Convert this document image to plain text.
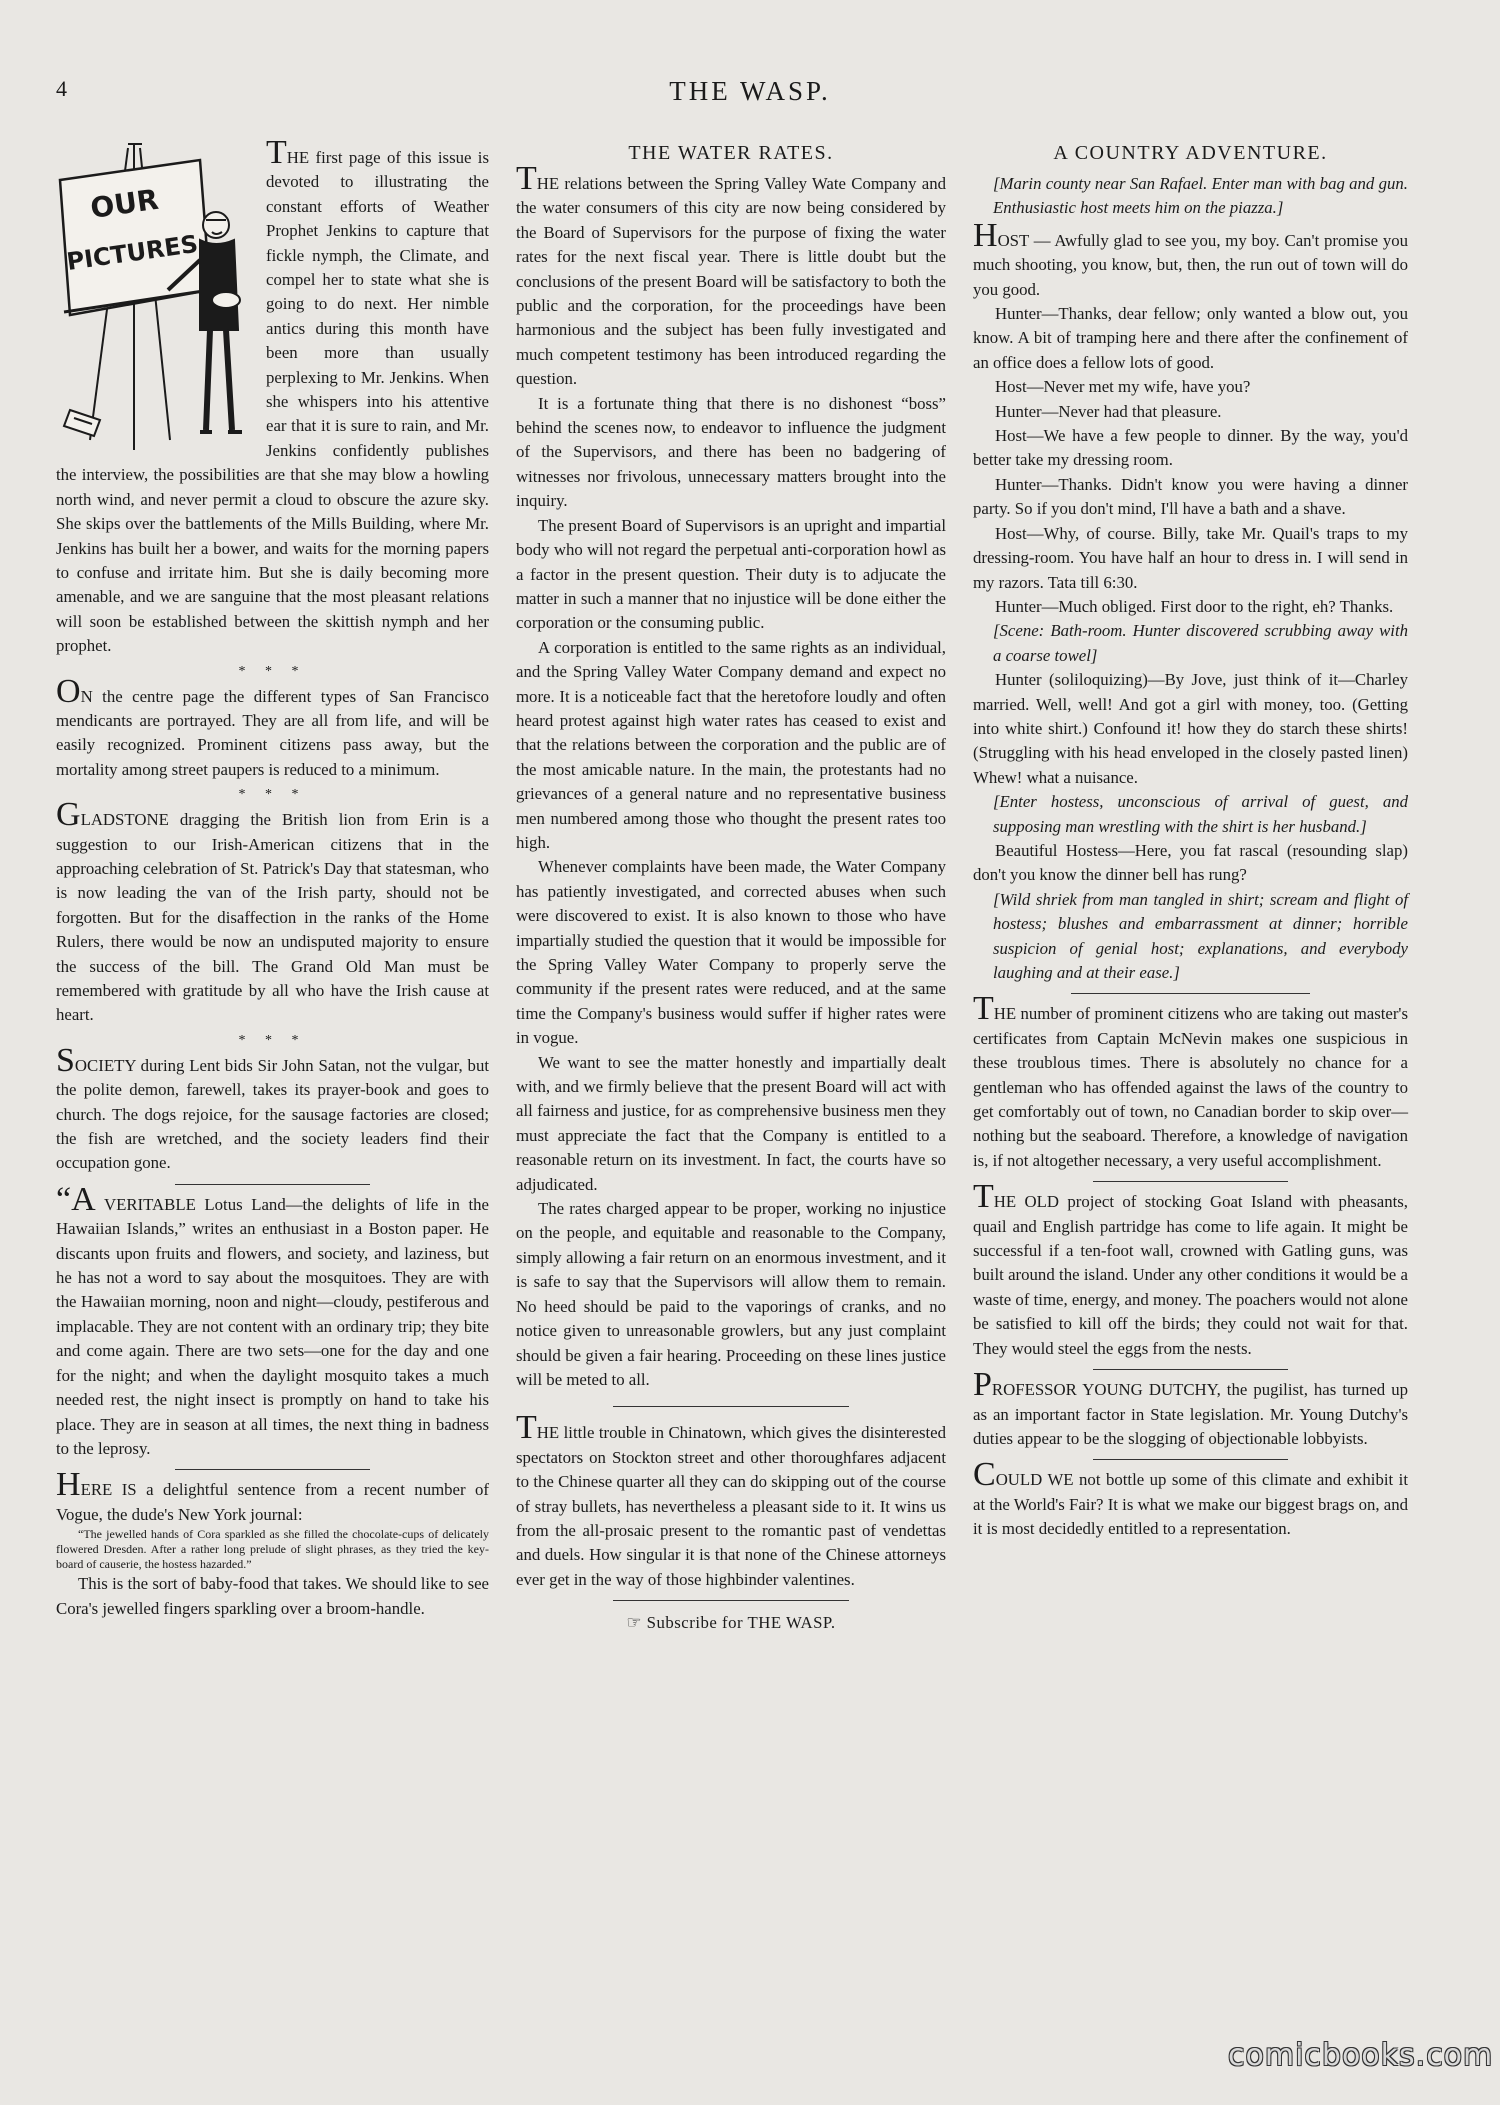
4	THE WASP.
OUR
PICTURES

THE first page of this issue is devoted to illustrating the constant efforts of Weather Prophet Jenkins to capture that fickle nymph, the Climate, and compel her to state what she is going to do next. Her nimble antics during this month have been more than usually perplexing to Mr. Jenkins. When she whispers into his attentive ear that it is sure to rain, and Mr. Jenkins confidently publishes the interview, the possibilities are that she may blow a howling north wind, and never permit a cloud to obscure the azure sky. She skips over the battlements of the Mills Building, where Mr. Jenkins has built her a bower, and waits for the morning papers to confuse and irritate him. But she is daily becoming more amenable, and we are sanguine that the most pleasant relations will soon be established between the skittish nymph and her prophet.

* * *

ON the centre page the different types of San Francisco mendicants are portrayed. They are all from life, and will be easily recognized. Prominent citizens pass away, but the mortality among street paupers is reduced to a minimum.

* * *

GLADSTONE dragging the British lion from Erin is a suggestion to our Irish-American citizens that in the approaching celebration of St. Patrick's Day that statesman, who is now leading the van of the Irish party, should not be forgotten. But for the disaffection in the ranks of the Home Rulers, there would be now an undisputed majority to ensure the success of the bill. The Grand Old Man must be remembered with gratitude by all who have the Irish cause at heart.

* * *

SOCIETY during Lent bids Sir John Satan, not the vulgar, but the polite demon, farewell, takes its prayer-book and goes to church. The dogs rejoice, for the sausage factories are closed; the fish are wretched, and the society leaders find their occupation gone.

“A VERITABLE Lotus Land—the delights of life in the Hawaiian Islands,” writes an enthusiast in a Boston paper. He discants upon fruits and flowers, and society, and laziness, but he has not a word to say about the mosquitoes. They are with the Hawaiian morning, noon and night—cloudy, pestiferous and implacable. They are not content with an ordinary trip; they bite and come again. There are two sets—one for the day and one for the night; and when the daylight mosquito takes a much needed rest, the night insect is promptly on hand to take his place. They are in season at all times, the next thing in badness to the leprosy.

HERE IS a delightful sentence from a recent number of Vogue, the dude's New York journal:

“The jewelled hands of Cora sparkled as she filled the chocolate-cups of delicately flowered Dresden. After a rather long prelude of slight phrases, as they tried the key-board of causerie, the hostess hazarded.”

This is the sort of baby-food that takes. We should like to see Cora's jewelled fingers sparkling over a broom-handle.

THE WATER RATES.

THE relations between the Spring Valley Wate Company and the water consumers of this city are now being considered by the Board of Supervisors for the purpose of fixing the water rates for the next fiscal year. There is little doubt but the conclusions of the present Board will be satisfactory to both the public and the corporation, for the proceedings have been harmonious and the subject has been fully investigated and much competent testimony has been introduced regarding the question.

It is a fortunate thing that there is no dishonest “boss” behind the scenes now, to endeavor to influence the judgment of the Supervisors, and there has been no badgering of witnesses nor frivolous, unnecessary matters brought into the inquiry.

The present Board of Supervisors is an upright and impartial body who will not regard the perpetual anti-corporation howl as a factor in the present question. Their duty is to adjucate the matter in such a manner that no injustice will be done either the corporation or the consuming public.

A corporation is entitled to the same rights as an individual, and the Spring Valley Water Company demand and expect no more. It is a noticeable fact that the heretofore loudly and often heard protest against high water rates has ceased to exist and that the relations between the corporation and the public are of the most amicable nature. In the main, the protestants had no grievances of a general nature and no representative business men numbered among those who thought the present rates too high.

Whenever complaints have been made, the Water Company has patiently investigated, and corrected abuses when such were discovered to exist. It is also known to those who have impartially studied the question that it would be impossible for the Spring Valley Water Company to properly serve the community if the present rates were reduced, and at the same time the Company's business would suffer if higher rates were in vogue.

We want to see the matter honestly and impartially dealt with, and we firmly believe that the present Board will act with all fairness and justice, for as comprehensive business men they must appreciate the fact that the Company is entitled to a reasonable return on its investment. In fact, the courts have so adjudicated.

The rates charged appear to be proper, working no injustice on the people, and equitable and reasonable to the Company, simply allowing a fair return on an enormous investment, and it is safe to say that the Supervisors will allow them to remain. No heed should be paid to the vaporings of cranks, and no notice given to unreasonable growlers, but any just complaint should be given a fair hearing. Proceeding on these lines justice will be meted to all.

THE little trouble in Chinatown, which gives the disinterested spectators on Stockton street and other thoroughfares adjacent to the Chinese quarter all they can do skipping out of the course of stray bullets, has nevertheless a pleasant side to it. It wins us from the all-prosaic present to the romantic past of vendettas and duels. How singular it is that none of the Chinese attorneys ever get in the way of those highbinder valentines.

☞ Subscribe for THE WASP.
A COUNTRY ADVENTURE.

[Marin county near San Rafael. Enter man with bag and gun. Enthusiastic host meets him on the piazza.]

HOST — Awfully glad to see you, my boy. Can't promise you much shooting, you know, but, then, the run out of town will do you good.

Hunter—Thanks, dear fellow; only wanted a blow out, you know. A bit of tramping here and there after the confinement of an office does a fellow lots of good.

Host—Never met my wife, have you?

Hunter—Never had that pleasure.

Host—We have a few people to dinner. By the way, you'd better take my dressing room.

Hunter—Thanks. Didn't know you were having a dinner party. So if you don't mind, I'll have a bath and a shave.

Host—Why, of course. Billy, take Mr. Quail's traps to my dressing-room. You have half an hour to dress in. I will send in my razors. Tata till 6:30.

Hunter—Much obliged. First door to the right, eh? Thanks.

[Scene: Bath-room. Hunter discovered scrubbing away with a coarse towel]

Hunter (soliloquizing)—By Jove, just think of it—Charley married. Well, well! And got a girl with money, too. (Getting into white shirt.) Confound it! how they do starch these shirts! (Struggling with his head enveloped in the closely pasted linen) Whew! what a nuisance.

[Enter hostess, unconscious of arrival of guest, and supposing man wrestling with the shirt is her husband.]

Beautiful Hostess—Here, you fat rascal (resounding slap) don't you know the dinner bell has rung?

[Wild shriek from man tangled in shirt; scream and flight of hostess; blushes and embarrassment at dinner; horrible suspicion of genial host; explanations, and everybody laughing and at their ease.]

THE number of prominent citizens who are taking out master's certificates from Captain McNevin makes one suspicious in these troublous times. There is absolutely no chance for a gentleman who has offended against the laws of the country to get comfortably out of town, no Canadian border to skip over—nothing but the seaboard. Therefore, a knowledge of navigation is, if not altogether necessary, a very useful accomplishment.

THE OLD project of stocking Goat Island with pheasants, quail and English partridge has come to life again. It might be successful if a ten-foot wall, crowned with Gatling guns, was built around the island. Under any other conditions it would be a waste of time, energy, and money. The poachers would not alone be satisfied to kill off the birds; they could not wait for that. They would steel the eggs from the nests.

PROFESSOR YOUNG DUTCHY, the pugilist, has turned up as an important factor in State legislation. Mr. Young Dutchy's duties appear to be the slogging of objectionable lobbyists.

COULD WE not bottle up some of this climate and exhibit it at the World's Fair? It is what we make our biggest brags on, and it is most decidedly entitled to a representation.

comicbooks.com
